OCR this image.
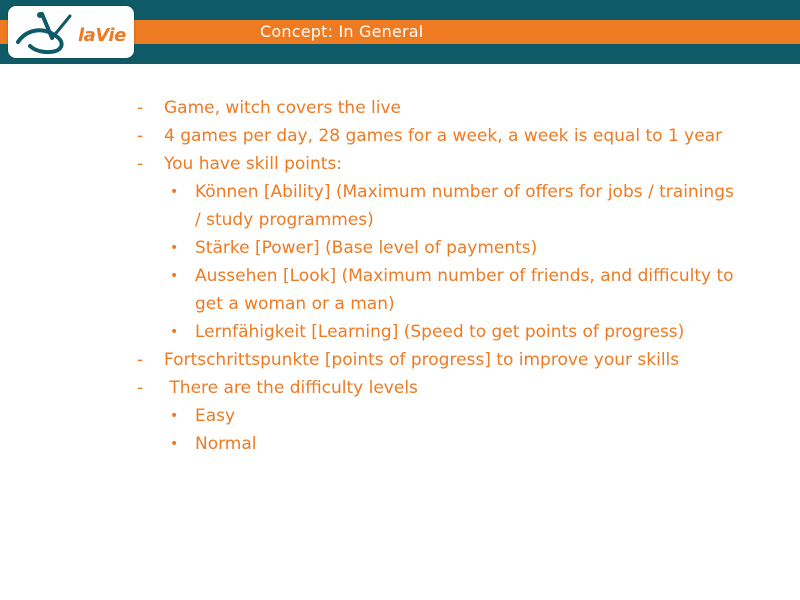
Concept: In General
laVie
- Game, witch covers the live
- 4 games per day, 28 games for a week, a week is equal to 1 year
- You have skill points:
• Können [Ability] (Maximum number of offers for jobs / trainings
/ study programmes)
• Stärke [Power] (Base level of payments)
• Aussehen [Look] (Maximum number of friends, and difficulty to
get a woman or a man)
• Lernfähigkeit [Learning] (Speed to get points of progress)
- Fortschrittspunkte [points of progress] to improve your skills
- There are the difficulty levels
• Easy
• Normal
